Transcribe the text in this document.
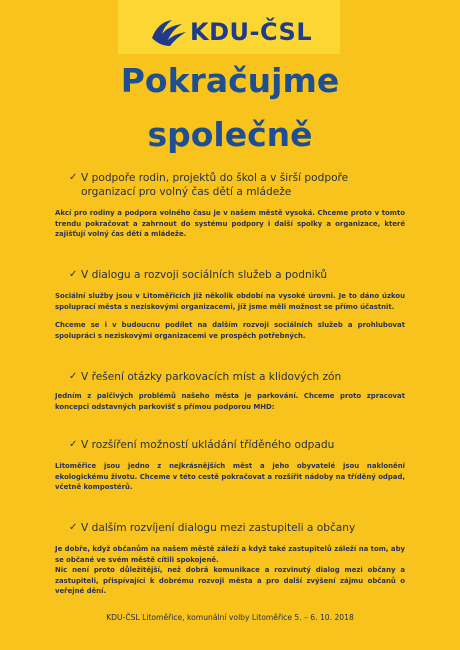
KDU-ČSL
Pokračujme
společně
✓ V podpoře rodin, projektů do škol a v širší podpoře organizací pro volný čas dětí a mládeže

Akcí pro rodiny a podpora volného času je v našem městě vysoká. Chceme proto v tomto trendu pokračovat a zahrnout do systému podpory i další spolky a organizace, které zajišťují volný čas dětí a mládeže.

✓ V dialogu a rozvoji sociálních služeb a podniků

Sociální služby jsou v Litoměřicích již několik období na vysoké úrovni. Je to dáno úzkou spoluprací města s neziskovými organizacemi, jíž jsme měli možnost se přímo účastnit.

Chceme se i v budoucnu podílet na dalším rozvoji sociálních služeb a prohlubovat spolupráci s neziskovými organizacemi ve prospěch potřebných.

✓ V řešení otázky parkovacích míst a klidových zón

Jedním z palčivých problémů našeho města je parkování. Chceme proto zpracovat koncepci odstavných parkovišť s přímou podporou MHD:

✓ V rozšíření možností ukládání tříděného odpadu

Litoměřice jsou jedno z nejkrásnějších měst a jeho obyvatelé jsou nakloněni ekologickému životu. Chceme v této cestě pokračovat a rozšířit nádoby na tříděný odpad, včetně kompostérů.

✓ V dalším rozvíjení dialogu mezi zastupiteli a občany

Je dobře, když občanům na našem městě záleží a když také zastupitelů záleží na tom, aby se občané ve svém městě cítili spokojeně.

Nic není proto důležitější, než dobrá komunikace a rozvinutý dialog mezi občany a zastupiteli, přispívající k dobrému rozvoji města a pro další zvýšení zájmu občanů o veřejné dění.

KDU-ČSL Litoměřice, komunální volby Litoměřice 5. – 6. 10. 2018
